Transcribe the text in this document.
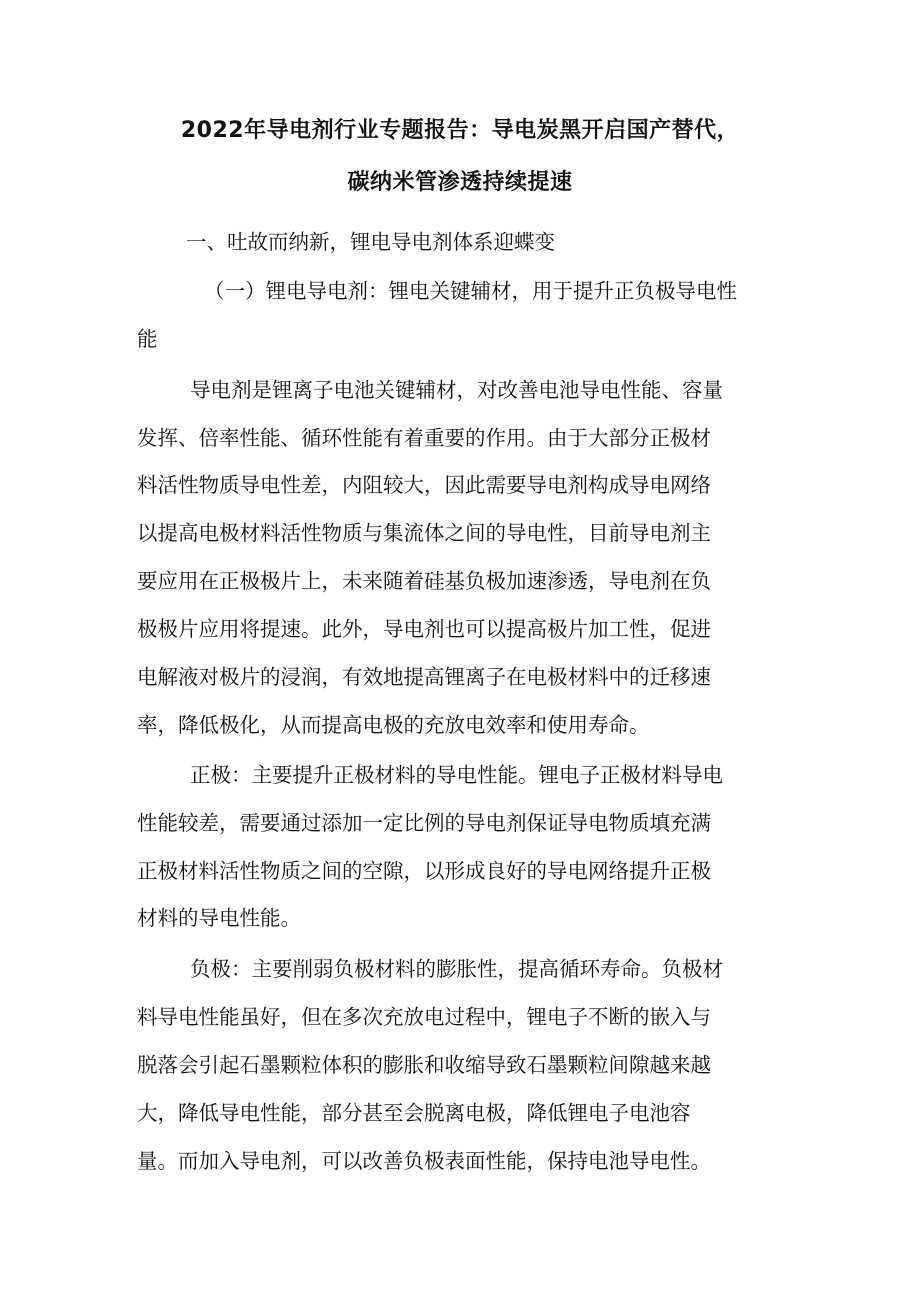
2022年导电剂行业专题报告：导电炭黑开启国产替代，
碳纳米管渗透持续提速
一、吐故而纳新，锂电导电剂体系迎蝶变
（一）锂电导电剂：锂电关键辅材，用于提升正负极导电性
能
导电剂是锂离子电池关键辅材，对改善电池导电性能、容量
发挥、倍率性能、循环性能有着重要的作用。由于大部分正极材
料活性物质导电性差，内阻较大，因此需要导电剂构成导电网络
以提高电极材料活性物质与集流体之间的导电性，目前导电剂主
要应用在正极极片上，未来随着硅基负极加速渗透，导电剂在负
极极片应用将提速。此外，导电剂也可以提高极片加工性，促进
电解液对极片的浸润，有效地提高锂离子在电极材料中的迁移速
率，降低极化，从而提高电极的充放电效率和使用寿命。
正极：主要提升正极材料的导电性能。锂电子正极材料导电
性能较差，需要通过添加一定比例的导电剂保证导电物质填充满
正极材料活性物质之间的空隙，以形成良好的导电网络提升正极
材料的导电性能。
负极：主要削弱负极材料的膨胀性，提高循环寿命。负极材
料导电性能虽好，但在多次充放电过程中，锂电子不断的嵌入与
脱落会引起石墨颗粒体积的膨胀和收缩导致石墨颗粒间隙越来越
大，降低导电性能，部分甚至会脱离电极，降低锂电子电池容
量。而加入导电剂，可以改善负极表面性能，保持电池导电性。
